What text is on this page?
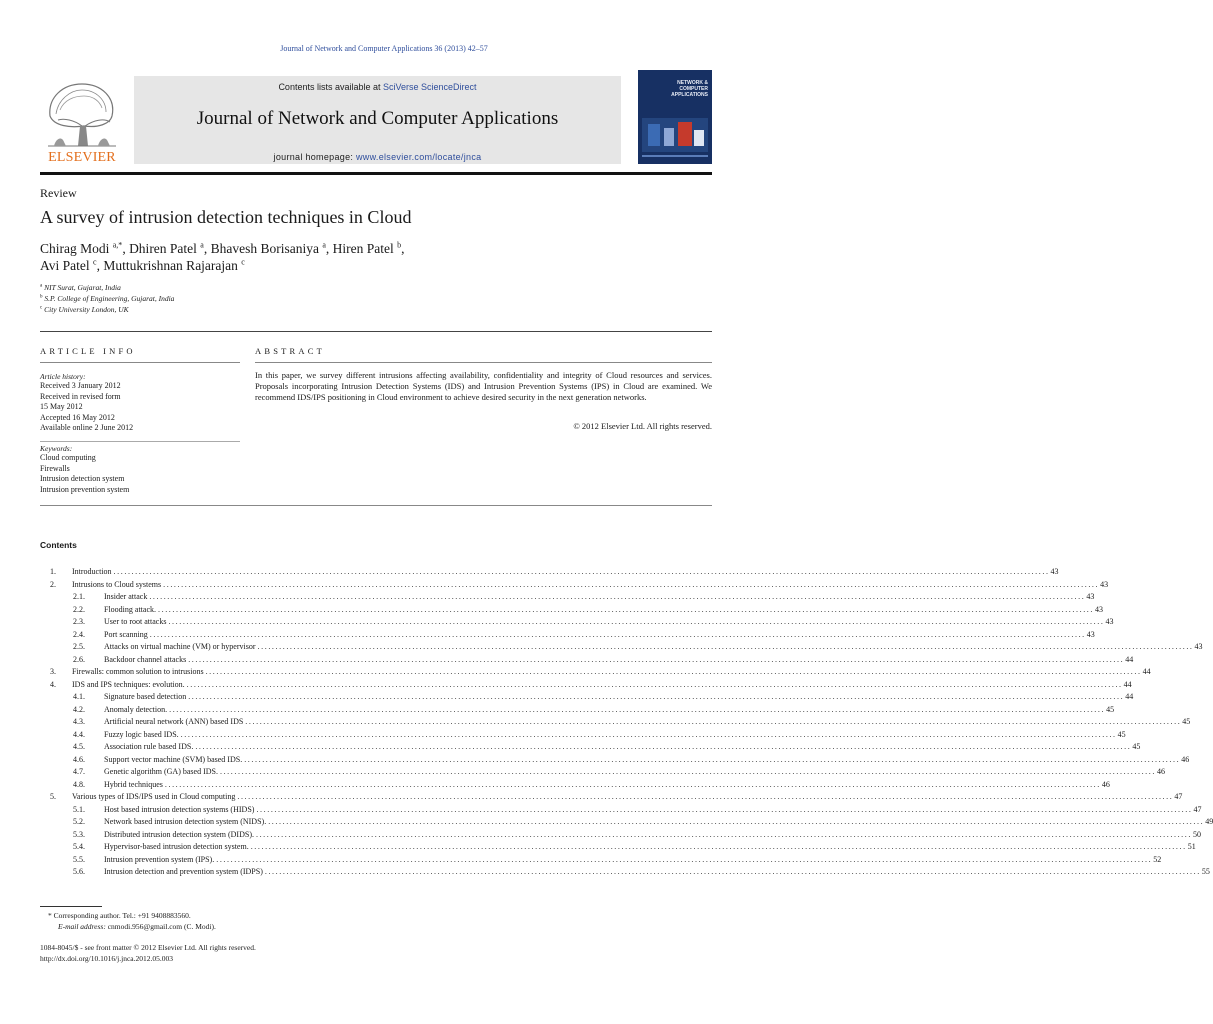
Journal of Network and Computer Applications 36 (2013) 42–57
ELSEVIER
Contents lists available at SciVerse ScienceDirect
Journal of Network and Computer Applications
journal homepage: www.elsevier.com/locate/jnca
NETWORK &
COMPUTER
APPLICATIONS
Review
A survey of intrusion detection techniques in Cloud
Chirag Modi $^{a,*}$, Dhiren Patel $^a$, Bhavesh Borisaniya $^a$, Hiren Patel $^b$,
Avi Patel $^c$, Muttukrishnan Rajarajan $^c$
$^a$ NIT Surat, Gujarat, India
$^b$ S.P. College of Engineering, Gujarat, India
$^c$ City University London, UK
ARTICLE INFO	ABSTRACT
Article history:
Received 3 January 2012
Received in revised form
15 May 2012
Accepted 16 May 2012
Available online 2 June 2012
Keywords:
Cloud computing
Firewalls
Intrusion detection system
Intrusion prevention system
In this paper, we survey different intrusions affecting availability, confidentiality and integrity of Cloud resources and services. Proposals incorporating Intrusion Detection Systems (IDS) and Intrusion Prevention Systems (IPS) in Cloud are examined. We recommend IDS/IPS positioning in Cloud environment to achieve desired security in the next generation networks.
© 2012 Elsevier Ltd. All rights reserved.
Contents
1. Introduction .................................................................................................................................................................................................................................................................... 43
2. Intrusions to Cloud systems .................................................................................................................................................................................................................................................................... 43
2.1. Insider attack .................................................................................................................................................................................................................................................................... 43
2.2. Flooding attack. .................................................................................................................................................................................................................................................................... 43
2.3. User to root attacks .................................................................................................................................................................................................................................................................... 43
2.4. Port scanning .................................................................................................................................................................................................................................................................... 43
2.5. Attacks on virtual machine (VM) or hypervisor .................................................................................................................................................................................................................................................................... 43
2.6. Backdoor channel attacks .................................................................................................................................................................................................................................................................... 44
3. Firewalls: common solution to intrusions .................................................................................................................................................................................................................................................................... 44
4. IDS and IPS techniques: evolution. .................................................................................................................................................................................................................................................................... 44
4.1. Signature based detection .................................................................................................................................................................................................................................................................... 44
4.2. Anomaly detection. .................................................................................................................................................................................................................................................................... 45
4.3. Artificial neural network (ANN) based IDS .................................................................................................................................................................................................................................................................... 45
4.4. Fuzzy logic based IDS. .................................................................................................................................................................................................................................................................... 45
4.5. Association rule based IDS. .................................................................................................................................................................................................................................................................... 45
4.6. Support vector machine (SVM) based IDS. .................................................................................................................................................................................................................................................................... 46
4.7. Genetic algorithm (GA) based IDS. .................................................................................................................................................................................................................................................................... 46
4.8. Hybrid techniques .................................................................................................................................................................................................................................................................... 46
5. Various types of IDS/IPS used in Cloud computing .................................................................................................................................................................................................................................................................... 47
5.1. Host based intrusion detection systems (HIDS) .................................................................................................................................................................................................................................................................... 47
5.2. Network based intrusion detection system (NIDS). .................................................................................................................................................................................................................................................................... 49
5.3. Distributed intrusion detection system (DIDS). .................................................................................................................................................................................................................................................................... 50
5.4. Hypervisor-based intrusion detection system. .................................................................................................................................................................................................................................................................... 51
5.5. Intrusion prevention system (IPS). .................................................................................................................................................................................................................................................................... 52
5.6. Intrusion detection and prevention system (IDPS) .................................................................................................................................................................................................................................................................... 55
* Corresponding author. Tel.: +91 9408883560.
E-mail address: cnmodi.956@gmail.com (C. Modi).
1084-8045/$ - see front matter © 2012 Elsevier Ltd. All rights reserved.
http://dx.doi.org/10.1016/j.jnca.2012.05.003
